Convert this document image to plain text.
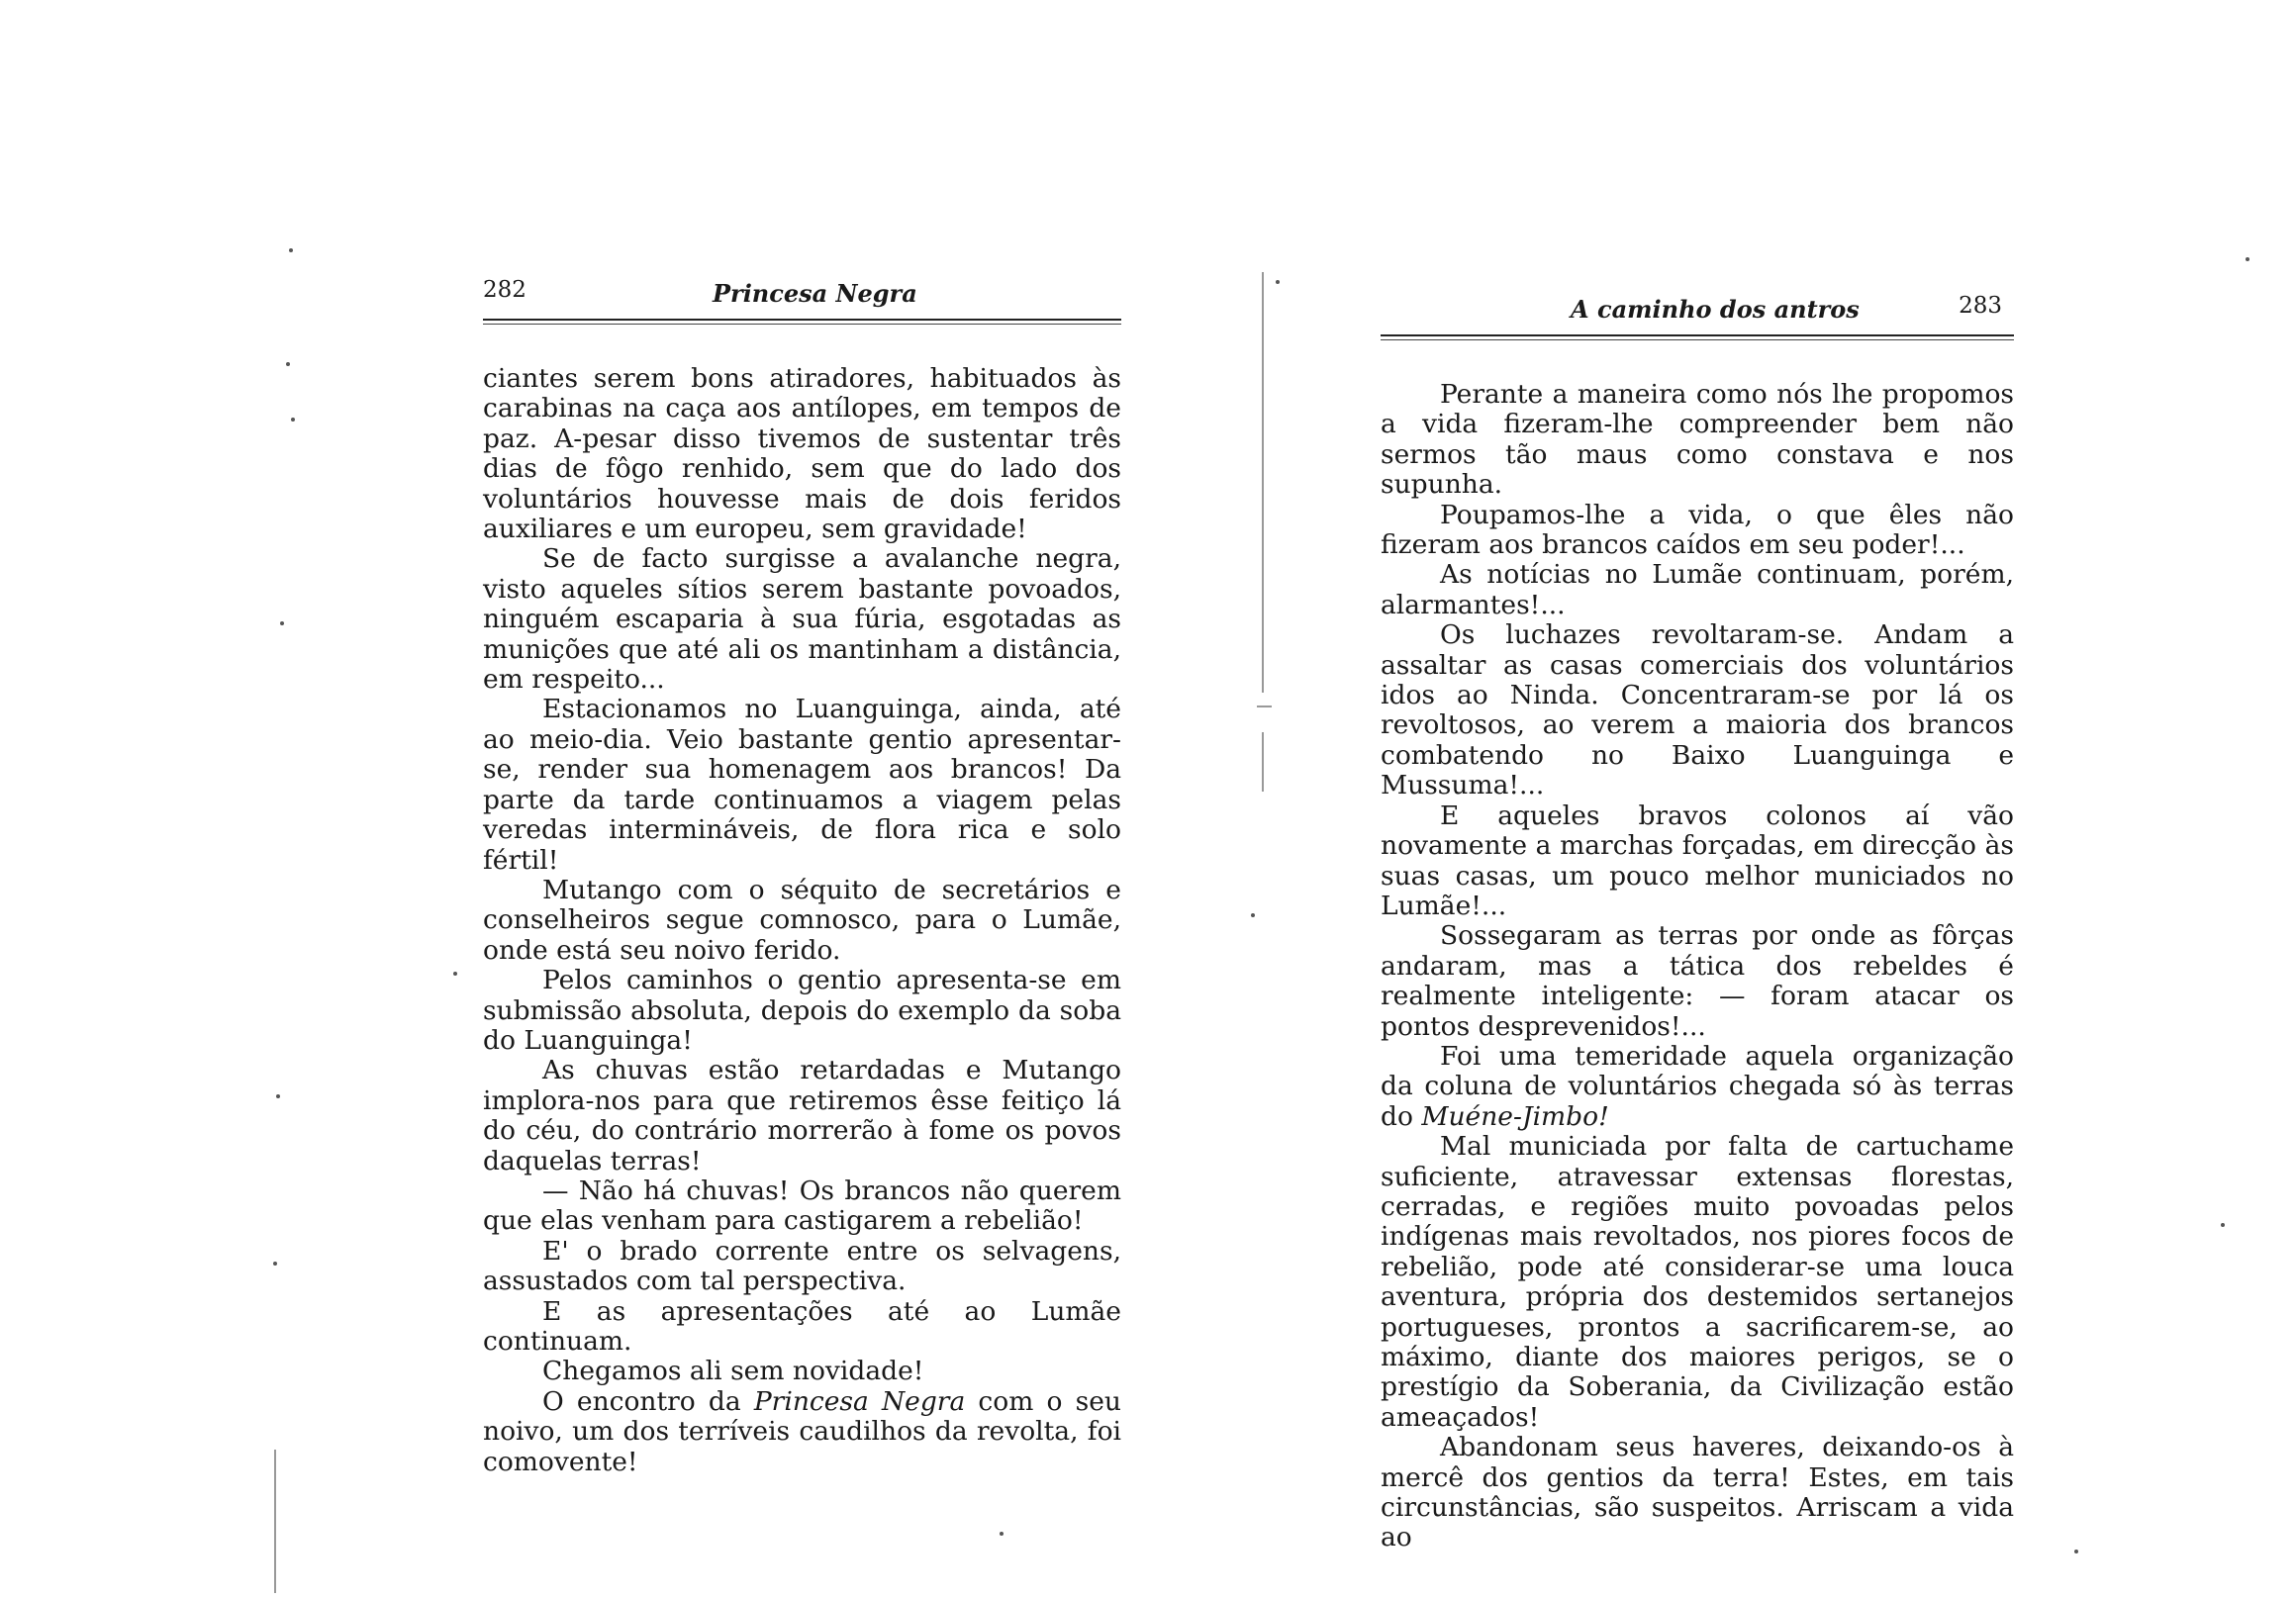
282	Princesa Negra

ciantes serem bons atiradores, habituados às carabinas na caça aos antílopes, em tempos de paz. A-pesar disso tivemos de sustentar três dias de fôgo renhido, sem que do lado dos voluntários houvesse mais de dois feridos auxiliares e um europeu, sem gravidade!

Se de facto surgisse a avalanche negra, visto aqueles sítios serem bastante povoados, ninguém escaparia à sua fúria, esgotadas as munições que até ali os mantinham a distância, em respeito...

Estacionamos no Luanguinga, ainda, até ao meio-dia. Veio bastante gentio apresentar-se, render sua homenagem aos brancos! Da parte da tarde continuamos a viagem pelas veredas intermináveis, de flora rica e solo fértil!

Mutango com o séquito de secretários e conselheiros segue comnosco, para o Lumãe, onde está seu noivo ferido.

Pelos caminhos o gentio apresenta-se em submissão absoluta, depois do exemplo da soba do Luanguinga!

As chuvas estão retardadas e Mutango implora-nos para que retiremos êsse feitiço lá do céu, do contrário morrerão à fome os povos daquelas terras!

— Não há chuvas! Os brancos não querem que elas venham para castigarem a rebelião!

E' o brado corrente entre os selvagens, assustados com tal perspectiva.

E as apresentações até ao Lumãe continuam.

Chegamos ali sem novidade!

O encontro da Princesa Negra com o seu noivo, um dos terríveis caudilhos da revolta, foi comovente!

A caminho dos antros	283

Perante a maneira como nós lhe propomos a vida fizeram-lhe compreender bem não sermos tão maus como constava e nos supunha.

Poupamos-lhe a vida, o que êles não fizeram aos brancos caídos em seu poder!...

As notícias no Lumãe continuam, porém, alarmantes!...

Os luchazes revoltaram-se. Andam a assaltar as casas comerciais dos voluntários idos ao Ninda. Concentraram-se por lá os revoltosos, ao verem a maioria dos brancos combatendo no Baixo Luanguinga e Mussuma!...

E aqueles bravos colonos aí vão novamente a marchas forçadas, em direcção às suas casas, um pouco melhor municiados no Lumãe!...

Sossegaram as terras por onde as fôrças andaram, mas a tática dos rebeldes é realmente inteligente: — foram atacar os pontos desprevenidos!...

Foi uma temeridade aquela organização da coluna de voluntários chegada só às terras do Muéne-Jimbo!

Mal municiada por falta de cartuchame suficiente, atravessar extensas florestas, cerradas, e regiões muito povoadas pelos indígenas mais revoltados, nos piores focos de rebelião, pode até considerar-se uma louca aventura, própria dos destemidos sertanejos portugueses, prontos a sacrificarem-se, ao máximo, diante dos maiores perigos, se o prestígio da Soberania, da Civilização estão ameaçados!

Abandonam seus haveres, deixando-os à mercê dos gentios da terra! Estes, em tais circunstâncias, são suspeitos. Arriscam a vida ao
